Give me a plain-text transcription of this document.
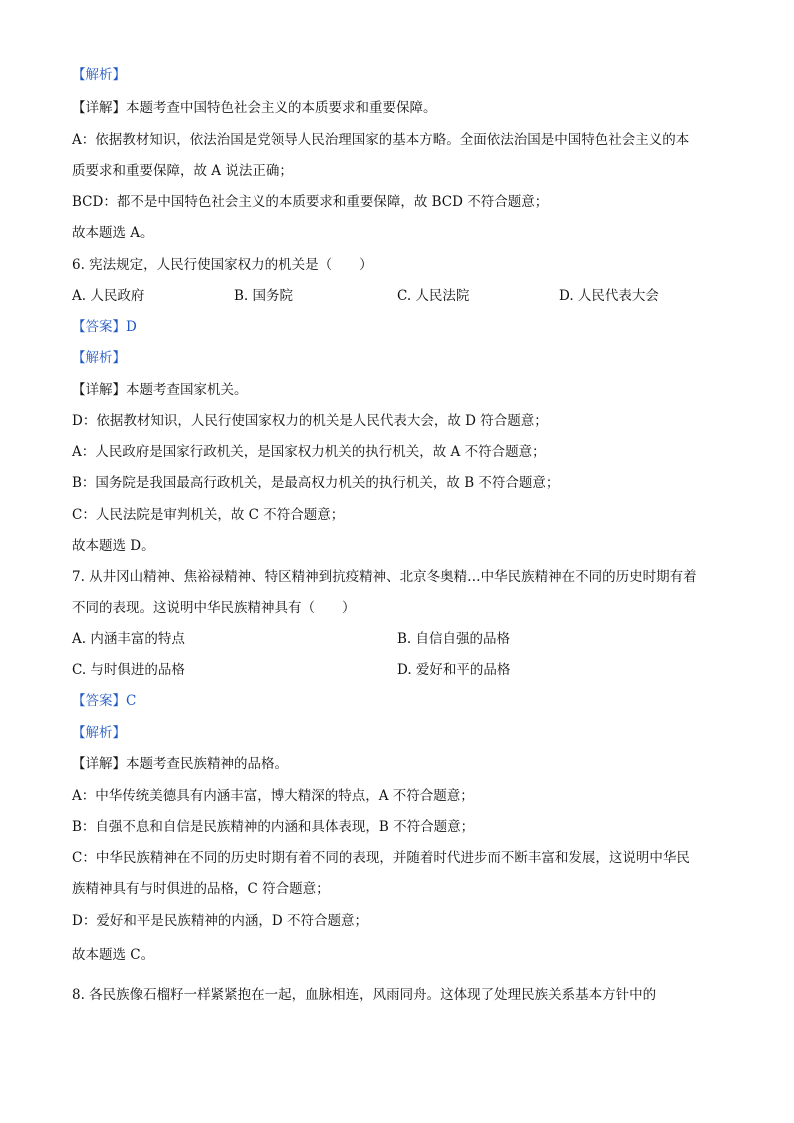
【解析】
【详解】本题考查中国特色社会主义的本质要求和重要保障。
A：依据教材知识，依法治国是党领导人民治理国家的基本方略。全面依法治国是中国特色社会主义的本
质要求和重要保障，故 A 说法正确；
BCD：都不是中国特色社会主义的本质要求和重要保障，故 BCD 不符合题意；
故本题选 A。
6. 宪法规定，人民行使国家权力的机关是（　　）
A. 人民政府	B. 国务院	C. 人民法院	D. 人民代表大会
【答案】D
【解析】
【详解】本题考查国家机关。
D：依据教材知识，人民行使国家权力的机关是人民代表大会，故 D 符合题意；
A：人民政府是国家行政机关，是国家权力机关的执行机关，故 A 不符合题意；
B：国务院是我国最高行政机关，是最高权力机关的执行机关，故 B 不符合题意；
C：人民法院是审判机关，故 C 不符合题意；
故本题选 D。
7. 从井冈山精神、焦裕禄精神、特区精神到抗疫精神、北京冬奥精…中华民族精神在不同的历史时期有着
不同的表现。这说明中华民族精神具有（　　）
A. 内涵丰富的特点	B. 自信自强的品格
C. 与时俱进的品格	D. 爱好和平的品格
【答案】C
【解析】
【详解】本题考查民族精神的品格。
A：中华传统美德具有内涵丰富，博大精深的特点，A 不符合题意；
B：自强不息和自信是民族精神的内涵和具体表现，B 不符合题意；
C：中华民族精神在不同的历史时期有着不同的表现，并随着时代进步而不断丰富和发展，这说明中华民
族精神具有与时俱进的品格，C 符合题意；
D：爱好和平是民族精神的内涵，D 不符合题意；
故本题选 C。
8. 各民族像石榴籽一样紧紧抱在一起，血脉相连，风雨同舟。这体现了处理民族关系基本方针中的
